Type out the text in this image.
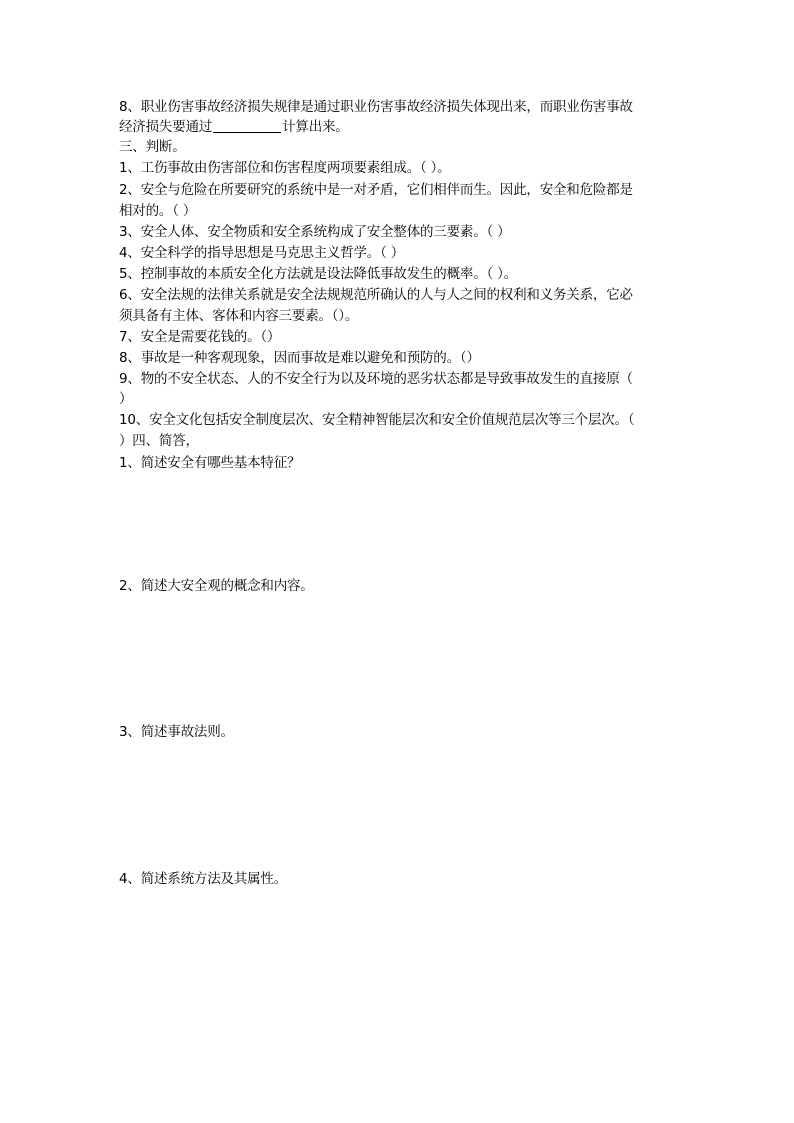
8、职业伤害事故经济损失规律是通过职业伤害事故经济损失体现出来，而职业伤害事故
经济损失要通过	计算出来。
三、判断。
1、工伤事故由伤害部位和伤害程度两项要素组成。（ ）。
2、安全与危险在所要研究的系统中是一对矛盾，它们相伴而生。因此，安全和危险都是
相对的。（ ）
3、安全人体、安全物质和安全系统构成了安全整体的三要素。（ ）
4、安全科学的指导思想是马克思主义哲学。（ ）
5、控制事故的本质安全化方法就是设法降低事故发生的概率。（ ）。
6、安全法规的法律关系就是安全法规规范所确认的人与人之间的权利和义务关系，它必
须具备有主体、客体和内容三要素。（）。
7、安全是需要花钱的。（）
8、事故是一种客观现象，因而事故是难以避免和预防的。（）
9、物的不安全状态、人的不安全行为以及环境的恶劣状态都是导致事故发生的直接原（
）
10、安全文化包括安全制度层次、安全精神智能层次和安全价值规范层次等三个层次。（
）四、简答，
1、简述安全有哪些基本特征？
2、简述大安全观的概念和内容。
3、简述事故法则。
4、简述系统方法及其属性。
